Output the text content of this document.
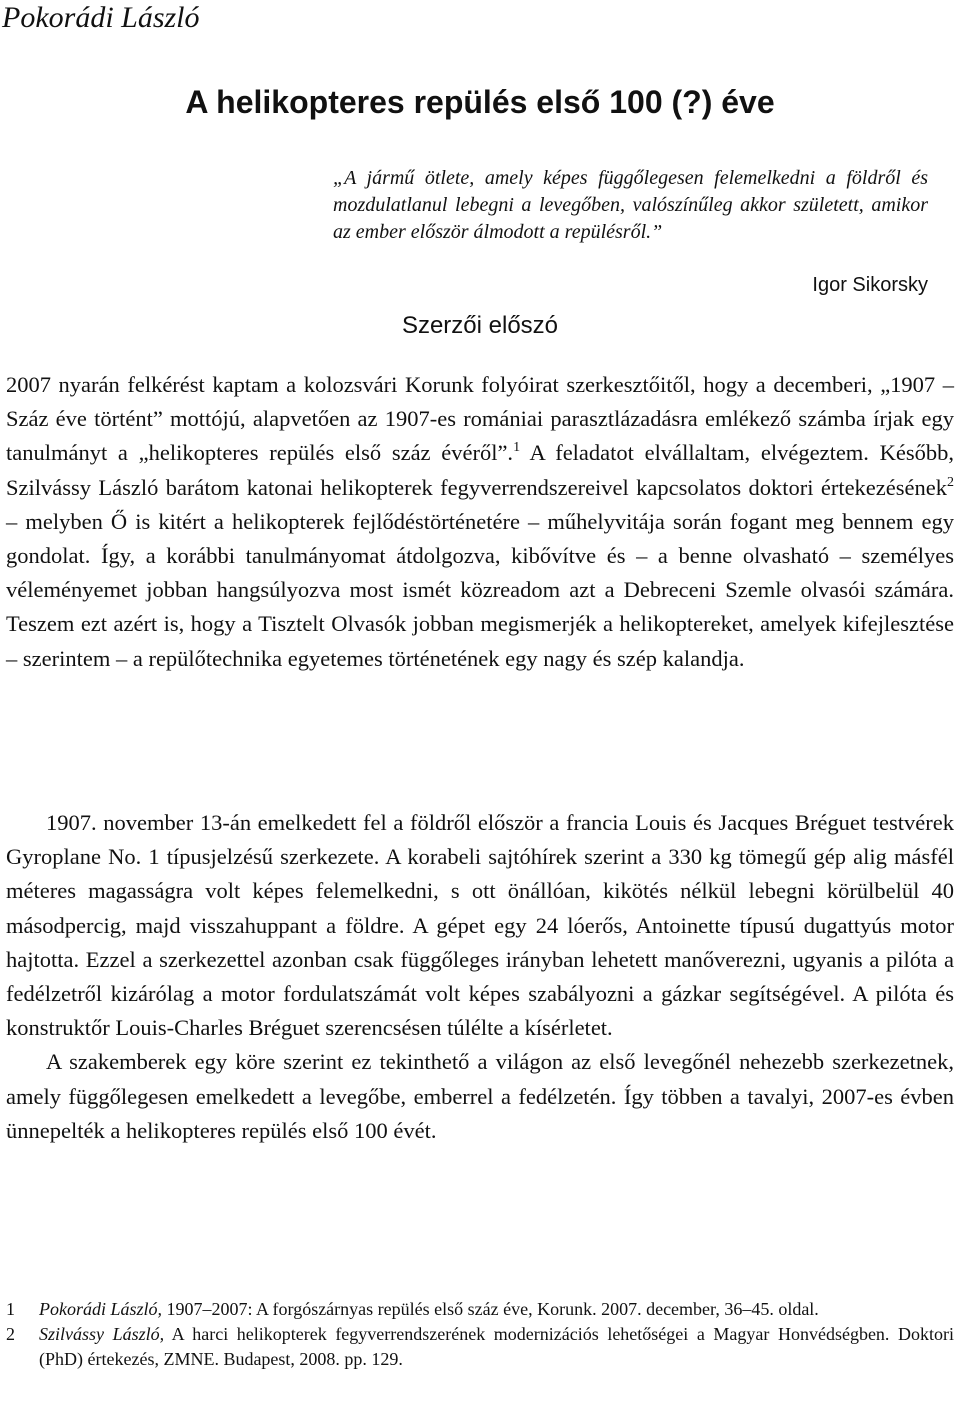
Pokorádi László
A helikopteres repülés első 100 (?) éve
„A jármű ötlete, amely képes függőlegesen felemelkedni a földről és mozdulatlanul lebegni a levegőben, valószínűleg akkor született, amikor az ember először álmodott a repülésről.”
Igor Sikorsky
Szerzői előszó

2007 nyarán felkérést kaptam a kolozsvári Korunk folyóirat szerkesztőitől, hogy a decemberi, „1907 – Száz éve történt” mottójú, alapvetően az 1907-es romániai parasztlázadásra emlékező számba írjak egy tanulmányt a „helikopteres repülés első száz évéről”.$^1$ A feladatot elvállaltam, elvégeztem. Később, Szilvássy László barátom katonai helikopterek fegyverrendszereivel kapcsolatos doktori értekezésének$^2$ – melyben Ő is kitért a helikopterek fejlődéstörténetére – műhelyvitája során fogant meg bennem egy gondolat. Így, a korábbi tanulmányomat átdolgozva, kibővítve és – a benne olvasható – személyes véleményemet jobban hangsúlyozva most ismét közreadom azt a Debreceni Szemle olvasói számára. Teszem ezt azért is, hogy a Tisztelt Olvasók jobban megismerjék a helikoptereket, amelyek kifejlesztése – szerintem – a repülőtechnika egyetemes történetének egy nagy és szép kalandja.

1907. november 13-án emelkedett fel a földről először a francia Louis és Jacques Bréguet testvérek Gyroplane No. 1 típusjelzésű szerkezete. A korabeli sajtóhírek szerint a 330 kg tömegű gép alig másfél méteres magasságra volt képes felemelkedni, s ott önállóan, kikötés nélkül lebegni körülbelül 40 másodpercig, majd visszahuppant a földre. A gépet egy 24 lóerős, Antoinette típusú dugattyús motor hajtotta. Ezzel a szerkezettel azonban csak függőleges irányban lehetett manőverezni, ugyanis a pilóta a fedélzetről kizárólag a motor fordulatszámát volt képes szabályozni a gázkar segítségével. A pilóta és konstruktőr Louis-Charles Bréguet szerencsésen túlélte a kísérletet.

A szakemberek egy köre szerint ez tekinthető a világon az első levegőnél nehezebb szerkezetnek, amely függőlegesen emelkedett a levegőbe, emberrel a fedélzetén. Így többen a tavalyi, 2007-es évben ünnepelték a helikopteres repülés első 100 évét.

1	Pokorádi László, 1907–2007: A forgószárnyas repülés első száz éve, Korunk. 2007. december, 36–45. oldal.
2	Szilvássy László, A harci helikopterek fegyverrendszerének modernizációs lehetőségei a Magyar Honvédségben. Doktori (PhD) értekezés, ZMNE. Budapest, 2008. pp. 129.
